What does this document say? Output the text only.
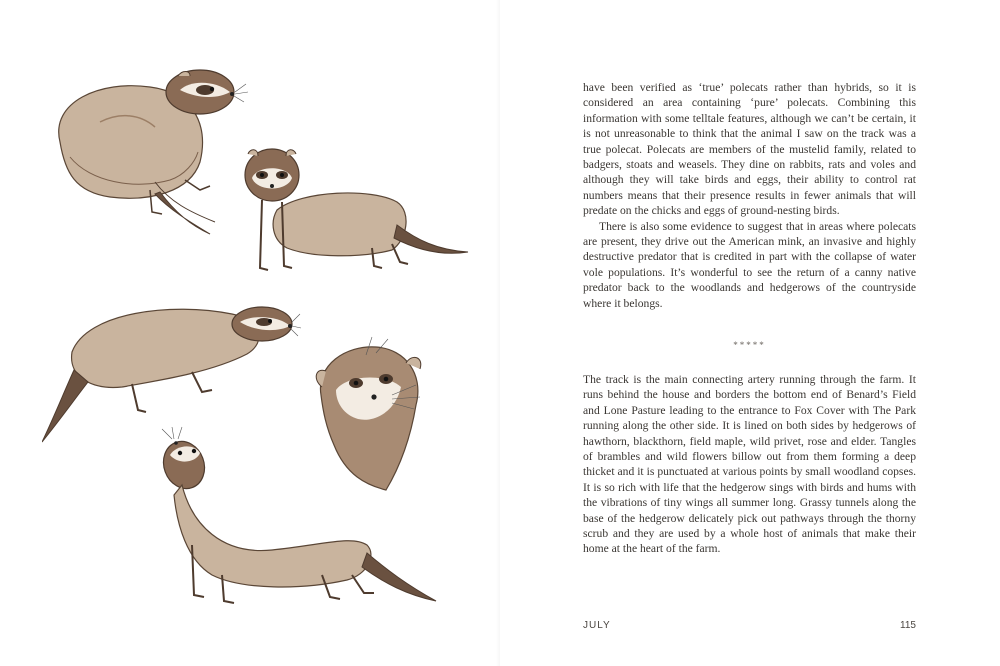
have been verified as ‘true’ polecats rather than hybrids, so it is considered an area containing ‘pure’ polecats. Combining this information with some telltale features, although we can’t be certain, it is not unreasonable to think that the animal I saw on the track was a true polecat. Polecats are members of the mustelid family, related to badgers, stoats and weasels. They dine on rabbits, rats and voles and although they will take birds and eggs, their ability to control rat numbers means that their presence results in fewer animals that will predate on the chicks and eggs of ground-nesting birds.

There is also some evidence to suggest that in areas where polecats are present, they drive out the American mink, an invasive and highly destructive predator that is credited in part with the collapse of water vole populations. It’s wonderful to see the return of a canny native predator back to the woodlands and hedgerows of the countryside where it belongs.

*****

The track is the main connecting artery running through the farm. It runs behind the house and borders the bottom end of Benard’s Field and Lone Pasture leading to the entrance to Fox Cover with The Park running along the other side. It is lined on both sides by hedgerows of hawthorn, blackthorn, field maple, wild privet, rose and elder. Tangles of brambles and wild flowers billow out from them forming a deep thicket and it is punctuated at various points by small woodland copses. It is so rich with life that the hedgerow sings with birds and hums with the vibrations of tiny wings all summer long. Grassy tunnels along the base of the hedgerow delicately pick out pathways through the thorny scrub and they are used by a whole host of animals that make their home at the heart of the farm.

JULY	115
